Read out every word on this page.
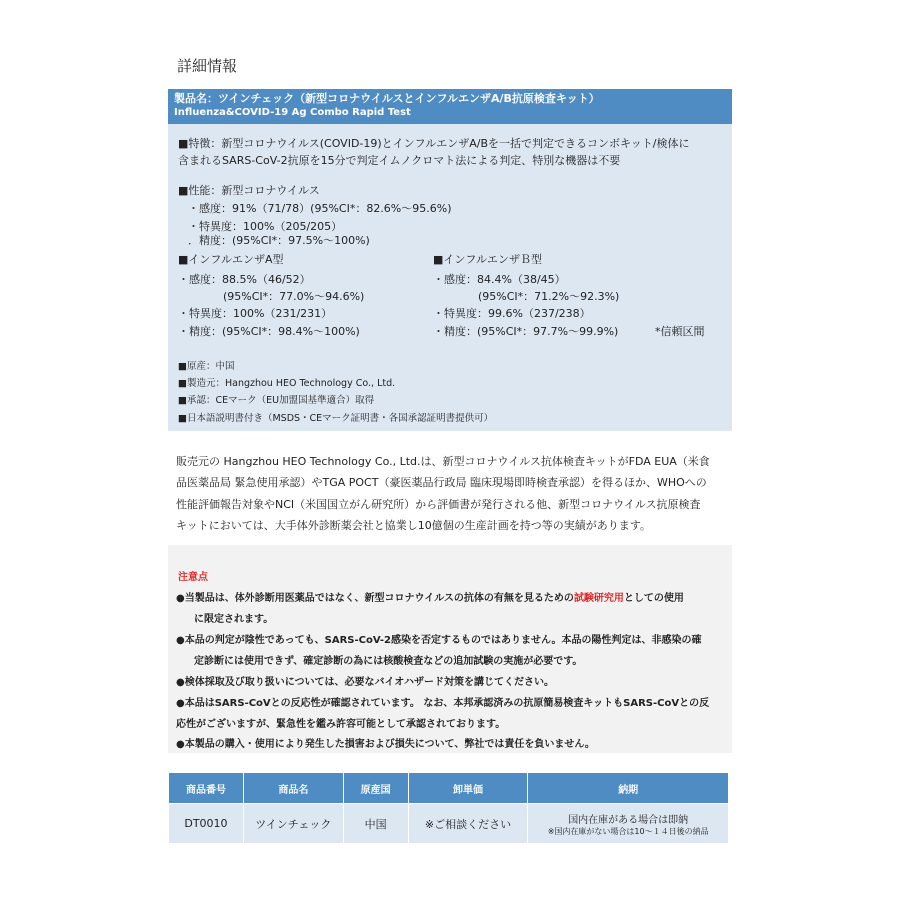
詳細情報
製品名：ツインチェック（新型コロナウイルスとインフルエンザA/B抗原検査キット）
Influenza&COVID-19 Ag Combo Rapid Test
■特徴：新型コロナウイルス(COVID-19)とインフルエンザA/Bを一括で判定できるコンボキット/検体に
含まれるSARS-CoV-2抗原を15分で判定イムノクロマト法による判定、特別な機器は不要
■性能：新型コロナウイルス
・感度：91%（71/78）(95%CI*：82.6%～95.6%)
・特異度：100%（205/205）
．精度：(95%CI*：97.5%～100%)
■インフルエンザA型
・感度：88.5%（46/52）
(95%CI*：77.0%～94.6%)
・特異度：100%（231/231）
・精度：(95%CI*：98.4%～100%)
■インフルエンザＢ型
・感度：84.4%（38/45）
(95%CI*：71.2%～92.3%)
・特異度：99.6%（237/238）
・精度：(95%CI*：97.7%～99.9%)	*信頼区間
■原産：中国
■製造元：Hangzhou HEO Technology Co., Ltd.
■承認：CEマーク（EU加盟国基準適合）取得
■日本語説明書付き（MSDS・CEマーク証明書・各国承認証明書提供可）
販売元の Hangzhou HEO Technology Co., Ltd.は、新型コロナウイルス抗体検査キットがFDA EUA（米食
品医薬品局 緊急使用承認）やTGA POCT（豪医薬品行政局 臨床現場即時検査承認）を得るほか、WHOへの
性能評価報告対象やNCI（米国国立がん研究所）から評価書が発行される他、新型コロナウイルス抗原検査
キットにおいては、大手体外診断薬会社と協業し10億個の生産計画を持つ等の実績があります。
注意点
●当製品は、体外診断用医薬品ではなく、新型コロナウイルスの抗体の有無を見るための試験研究用としての使用
に限定されます。
●本品の判定が陰性であっても、SARS-CoV-2感染を否定するものではありません。本品の陽性判定は、非感染の確
定診断には使用できず、確定診断の為には核酸検査などの追加試験の実施が必要です。
●検体採取及び取り扱いについては、必要なバイオハザード対策を講じてください。
●本品はSARS-CoVとの反応性が確認されています。 なお、本邦承認済みの抗原簡易検査キットもSARS-CoVとの反
応性がございますが、緊急性を鑑み許容可能として承認されております。
●本製品の購入・使用により発生した損害および損失について、弊社では責任を負いません。
商品番号	商品名	原産国	卸単価	納期
DT0010	ツインチェック	中国	※ご相談ください	国内在庫がある場合は即納
※国内在庫がない場合は10～１４日後の納品
